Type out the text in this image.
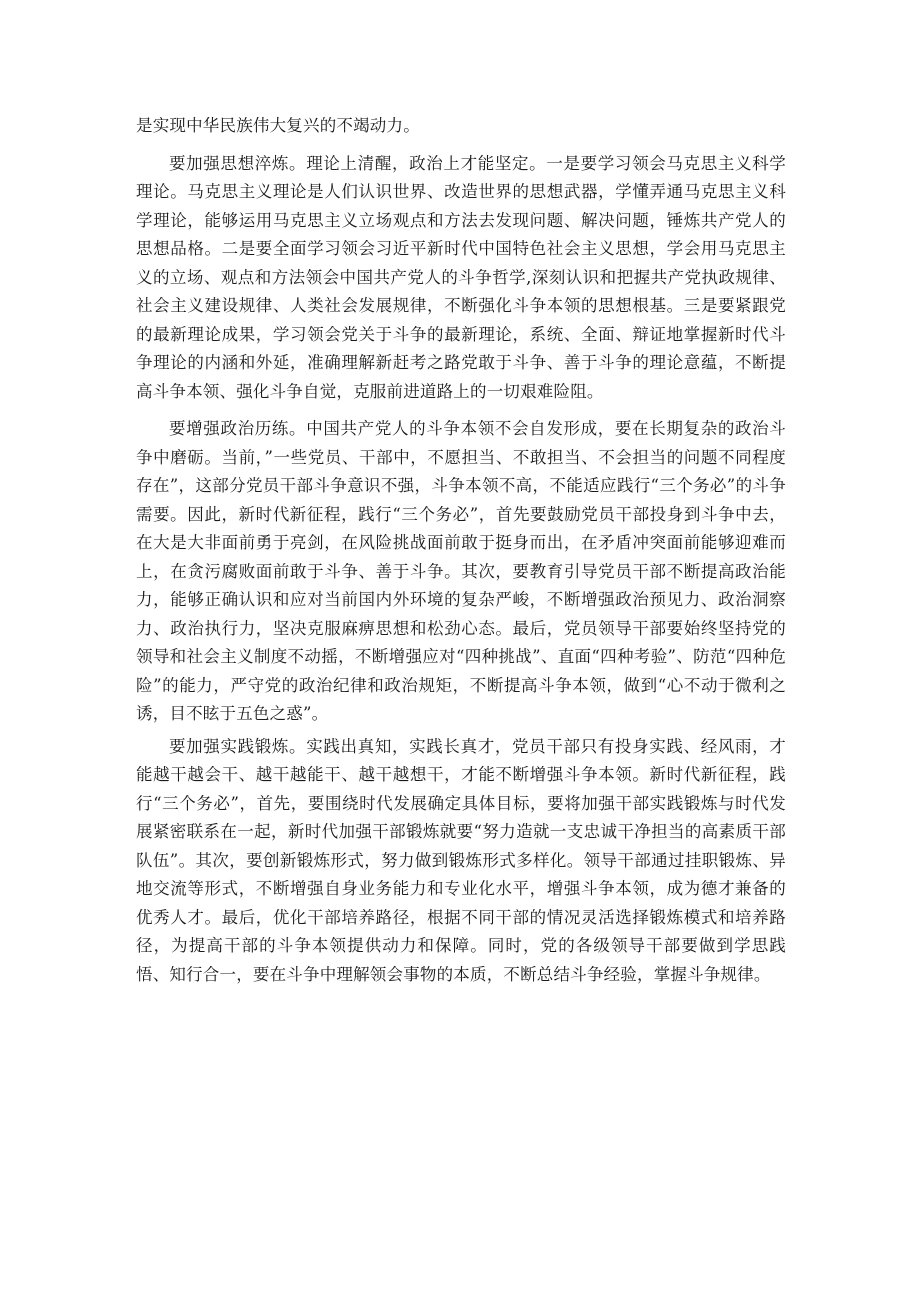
是实现中华民族伟大复兴的不竭动力。

要加强思想淬炼。理论上清醒，政治上才能坚定。一是要学习领会马克思主义科学理论。马克思主义理论是人们认识世界、改造世界的思想武器，学懂弄通马克思主义科学理论，能够运用马克思主义立场观点和方法去发现问题、解决问题，锤炼共产党人的思想品格。二是要全面学习领会习近平新时代中国特色社会主义思想，学会用马克思主义的立场、观点和方法领会中国共产党人的斗争哲学,深刻认识和把握共产党执政规律、社会主义建设规律、人类社会发展规律，不断强化斗争本领的思想根基。三是要紧跟党的最新理论成果，学习领会党关于斗争的最新理论，系统、全面、辩证地掌握新时代斗争理论的内涵和外延，准确理解新赶考之路党敢于斗争、善于斗争的理论意蕴，不断提高斗争本领、强化斗争自觉，克服前进道路上的一切艰难险阻。

要增强政治历练。中国共产党人的斗争本领不会自发形成，要在长期复杂的政治斗争中磨砺。当前，”一些党员、干部中，不愿担当、不敢担当、不会担当的问题不同程度存在”，这部分党员干部斗争意识不强，斗争本领不高，不能适应践行“三个务必”的斗争需要。因此，新时代新征程，践行“三个务必”，首先要鼓励党员干部投身到斗争中去，在大是大非面前勇于亮剑，在风险挑战面前敢于挺身而出，在矛盾冲突面前能够迎难而上，在贪污腐败面前敢于斗争、善于斗争。其次，要教育引导党员干部不断提高政治能力，能够正确认识和应对当前国内外环境的复杂严峻，不断增强政治预见力、政治洞察力、政治执行力，坚决克服麻痹思想和松劲心态。最后，党员领导干部要始终坚持党的领导和社会主义制度不动摇，不断增强应对“四种挑战”、直面“四种考验”、防范“四种危险”的能力，严守党的政治纪律和政治规矩，不断提高斗争本领，做到“心不动于微利之诱，目不眩于五色之惑”。

要加强实践锻炼。实践出真知，实践长真才，党员干部只有投身实践、经风雨，才能越干越会干、越干越能干、越干越想干，才能不断增强斗争本领。新时代新征程，践行“三个务必”，首先，要围绕时代发展确定具体目标，要将加强干部实践锻炼与时代发展紧密联系在一起，新时代加强干部锻炼就要“努力造就一支忠诚干净担当的高素质干部队伍”。其次，要创新锻炼形式，努力做到锻炼形式多样化。领导干部通过挂职锻炼、异地交流等形式，不断增强自身业务能力和专业化水平，增强斗争本领，成为德才兼备的优秀人才。最后，优化干部培养路径，根据不同干部的情况灵活选择锻炼模式和培养路径，为提高干部的斗争本领提供动力和保障。同时，党的各级领导干部要做到学思践悟、知行合一，要在斗争中理解领会事物的本质，不断总结斗争经验，掌握斗争规律。
